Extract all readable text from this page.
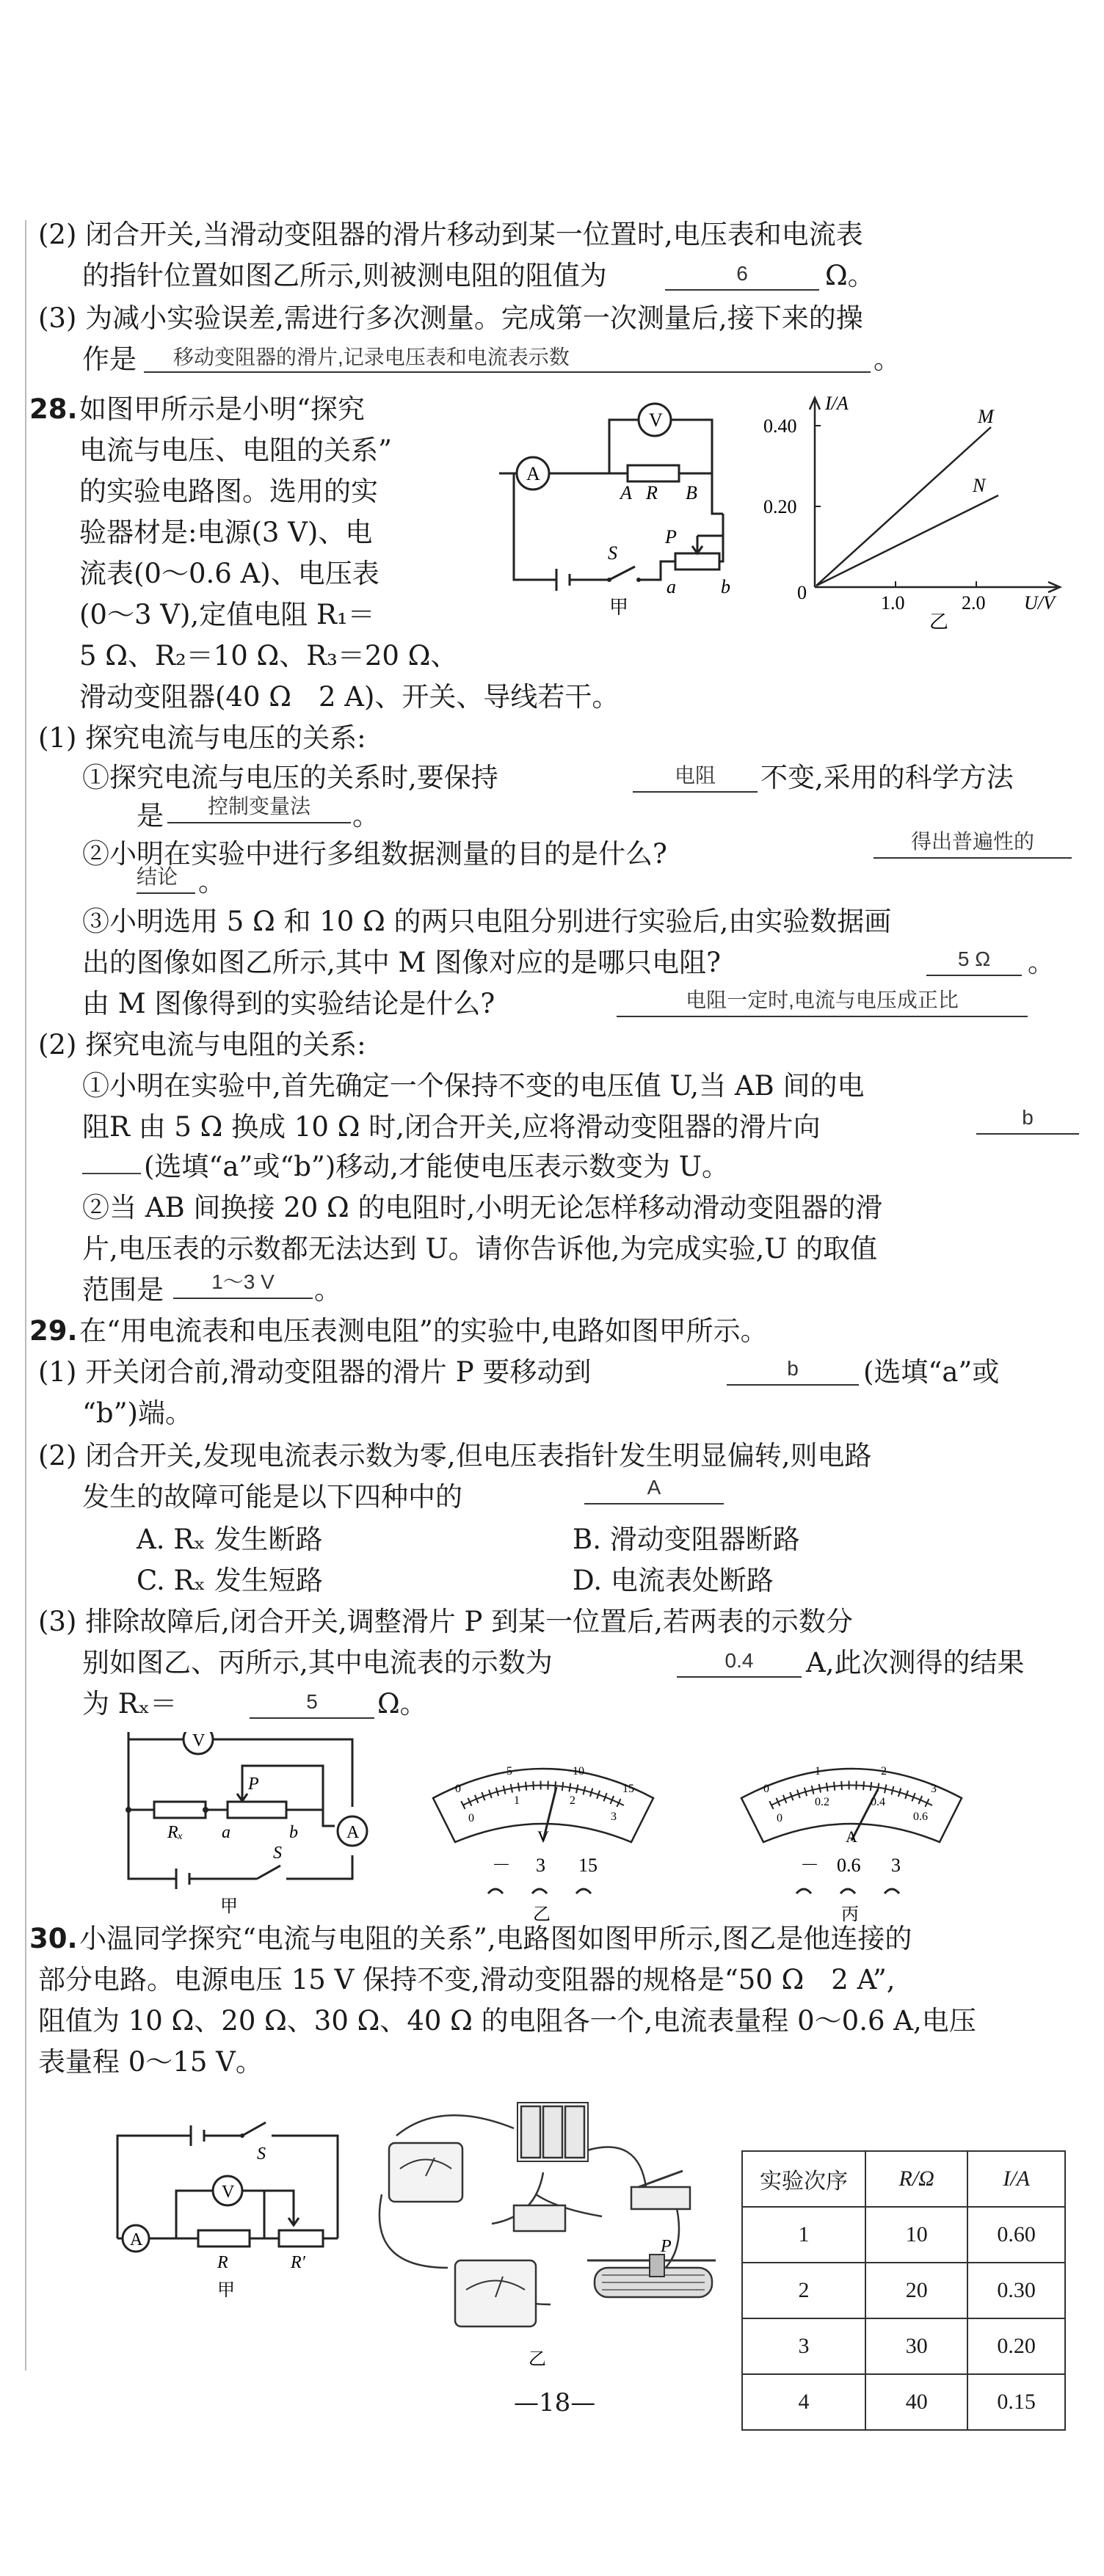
(2) 闭合开关,当滑动变阻器的滑片移动到某一位置时,电压表和电流表
的指针位置如图乙所示,则被测电阻的阻值为	6	Ω。
(3) 为减小实验误差,需进行多次测量。完成第一次测量后,接下来的操
作是	移动变阻器的滑片,记录电压表和电流表示数	。
28. 如图甲所示是小明“探究
电流与电压、电阻的关系”
的实验电路图。选用的实
验器材是:电源(3 V)、电
流表(0～0.6 A)、电压表
(0～3 V),定值电阻 R₁＝
5 Ω、R₂＝10 Ω、R₃＝20 Ω、
滑动变阻器(40 Ω　2 A)、开关、导线若干。
V
A
A R B
S
P
a b
甲
I/A
0.40
0.20
0	1.0	2.0 U/V
M
N
乙
(1) 探究电流与电压的关系:
①探究电流与电压的关系时,要保持	电阻	不变,采用的科学方法
是	控制变量法	。
②小明在实验中进行多组数据测量的目的是什么?	得出普遍性的
结论 。
③小明选用 5 Ω 和 10 Ω 的两只电阻分别进行实验后,由实验数据画
出的图像如图乙所示,其中 M 图像对应的是哪只电阻?	5 Ω	。
由 M 图像得到的实验结论是什么?	电阻一定时,电流与电压成正比
(2) 探究电流与电阻的关系:
①小明在实验中,首先确定一个保持不变的电压值 U,当 AB 间的电
阻R 由 5 Ω 换成 10 Ω 时,闭合开关,应将滑动变阻器的滑片向	b
(选填“a”或“b”)移动,才能使电压表示数变为 U。
②当 AB 间换接 20 Ω 的电阻时,小明无论怎样移动滑动变阻器的滑
片,电压表的示数都无法达到 U。请你告诉他,为完成实验,U 的取值
范围是	1～3 V	。
29. 在“用电流表和电压表测电阻”的实验中,电路如图甲所示。
(1) 开关闭合前,滑动变阻器的滑片 P 要移动到	b	(选填“a”或
“b”)端。
(2) 闭合开关,发现电流表示数为零,但电压表指针发生明显偏转,则电路
发生的故障可能是以下四种中的	A
A. Rₓ 发生断路	B. 滑动变阻器断路
C. Rₓ 发生短路	D. 电流表处断路
(3) 排除故障后,闭合开关,调整滑片 P 到某一位置后,若两表的示数分
别如图乙、丙所示,其中电流表的示数为	0.4	A,此次测得的结果
为 Rₓ＝	5	Ω。
V
A
Rₓ a	b
P
S
甲
0
5	10
15
0
1	2
3
V
－ 3 15
乙
0
1	2
3
0
0.2	0.4
0.6
A
－ 0.6 3
丙
30. 小温同学探究“电流与电阻的关系”,电路图如图甲所示,图乙是他连接的
部分电路。电源电压 15 V 保持不变,滑动变阻器的规格是“50 Ω　2 A”,
阻值为 10 Ω、20 Ω、30 Ω、40 Ω 的电阻各一个,电流表量程 0～0.6 A,电压
表量程 0～15 V。
S
V
A
R	R′
甲
P
乙
实验次序	R/Ω	I/A
1	10	0.60
2	20	0.30
3	30	0.20
4	40	0.15
—18—
